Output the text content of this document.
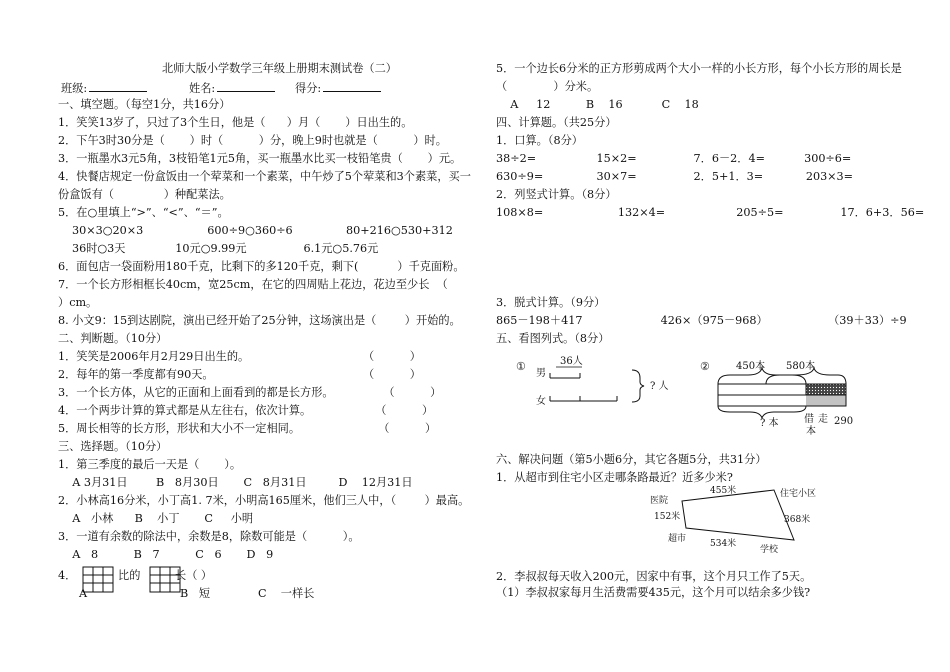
北师大版小学数学三年级上册期末测试卷（二）
班级:	姓名:	得分:
一、填空题。（每空1分，共16分）
1．笑笑13岁了，只过了3个生日，他是（      ）月（       ）日出生的。
2．下午3时30分是（       ）时（          ）分，晚上9时也就是（          ）时。
3．一瓶墨水3元5角，3枝铅笔1元5角，买一瓶墨水比买一枝铅笔贵（       ）元。
4．快餐店规定一份盒饭由一个荤菜和一个素菜，中午炒了5个荤菜和3个素菜，买一
份盒饭有（              ）种配菜法。
5．在○里填上“>”、“<”、“＝”。
30×3○20×3                  600÷9○360÷6               80+216○530+312
36时○3天              10元○9.99元                6.1元○5.76元
6．面包店一袋面粉用180千克，比剩下的多120千克，剩下(           ）千克面粉。
7．一个长方形相框长40cm，宽25cm，在它的四周贴上花边，花边至少长  （
）cm。
8. 小文9：15到达剧院，演出已经开始了25分钟，这场演出是（        ）开始的。
二、判断题。（10分）
1．笑笑是2006年月2月29日出生的。                                （          ）
2．每年的第一季度都有90天。                                          （          ）
3．一个长方体，从它的正面和上面看到的都是长方形。              （          ）
4．一个两步计算的算式都是从左往右，依次计算。                  （          ）
5．周长相等的长方形，形状和大小不一定相同。                      （          ）
三、选择题。（10分）
1．第三季度的最后一天是（       ）。
A 3月31日        B   8月30日       C   8月31日         D    12月31日
2．小林高16分米，小丁高1. 7米，小明高165厘米，他们三人中，（        ）最高。
A   小林      B    小丁       C     小明
3．一道有余数的除法中，余数是8，除数可能是（          ）。
A   8          B   7          C   6       D   9
4．	比的	长（ ）
A	B   短	C    一样长
5．一个边长6分米的正方形剪成两个大小一样的小长方形，每个小长方形的周长是
（             ）分米。
A     12          B    16           C    18
四、计算题。（共25分）
1．口算。（8分）
38÷2=                 15×2=                7．6－2．4=           300÷6=
630÷9=               30×7=                2．5+1．3=            203×3=
2．列竖式计算。（8分）
108×8=                     132×4=                    205÷5=                17．6+3．56=
3．脱式计算。（9分）
865－198＋417                      426×（975－968）                 （39＋33）÷9
五、看图列式。（8分）
①	36人
男
女
? 人
②	450本 580本
? 本	借 走 290
本
六、解决问题（第5小题6分，其它各题5分，共31分）
1．从超市到住宅小区走哪条路最近？近多少米?
医院
住宅小区
超市
学校
455米
152米	368米
534米
2．李叔叔每天收入200元，因家中有事，这个月只工作了5天。
（1）李叔叔家每月生活费需要435元，这个月可以结余多少钱?
